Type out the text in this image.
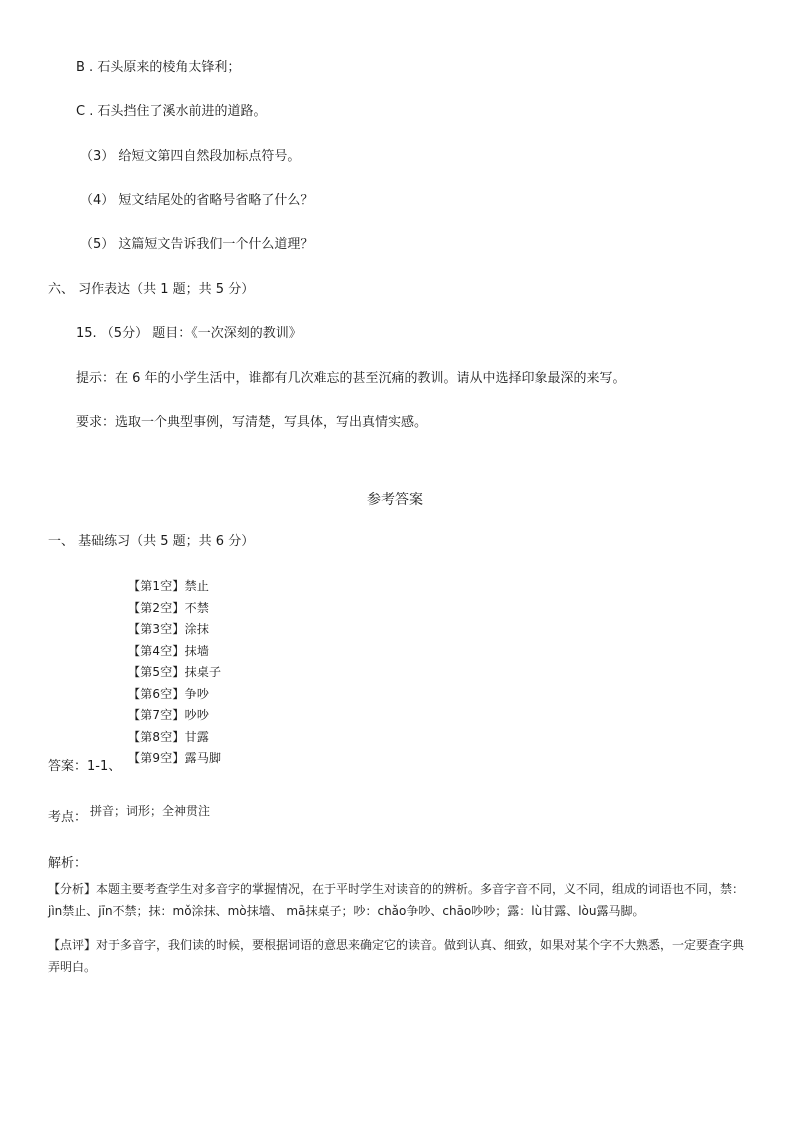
B . 石头原来的棱角太锋利；
C . 石头挡住了溪水前进的道路。
（3） 给短文第四自然段加标点符号。
（4） 短文结尾处的省略号省略了什么？
（5） 这篇短文告诉我们一个什么道理？
六、 习作表达（共 1 题；共 5 分）
15. （5分） 题目：《一次深刻的教训》
提示：在 6 年的小学生活中，谁都有几次难忘的甚至沉痛的教训。请从中选择印象最深的来写。
要求：选取一个典型事例，写清楚，写具体，写出真情实感。
参考答案
一、 基础练习（共 5 题；共 6 分）
【第1空】禁止
【第2空】不禁
【第3空】涂抹
【第4空】抹墙
【第5空】抹桌子
【第6空】争吵
【第7空】吵吵
【第8空】甘露
【第9空】露马脚
答案：1-1、
考点： 拼音；词形；全神贯注
解析：
【分析】本题主要考查学生对多音字的掌握情况，在于平时学生对读音的的辨析。多音字音不同，义不同，组成的词语也不同，禁：jìn禁止、jīn不禁；抹：mǒ涂抹、mò抹墙、 mā抹桌子；吵：chǎo争吵、chāo吵吵；露：lù甘露、lòu露马脚。
【点评】对于多音字，我们读的时候，要根据词语的意思来确定它的读音。做到认真、细致，如果对某个字不大熟悉，一定要查字典弄明白。
